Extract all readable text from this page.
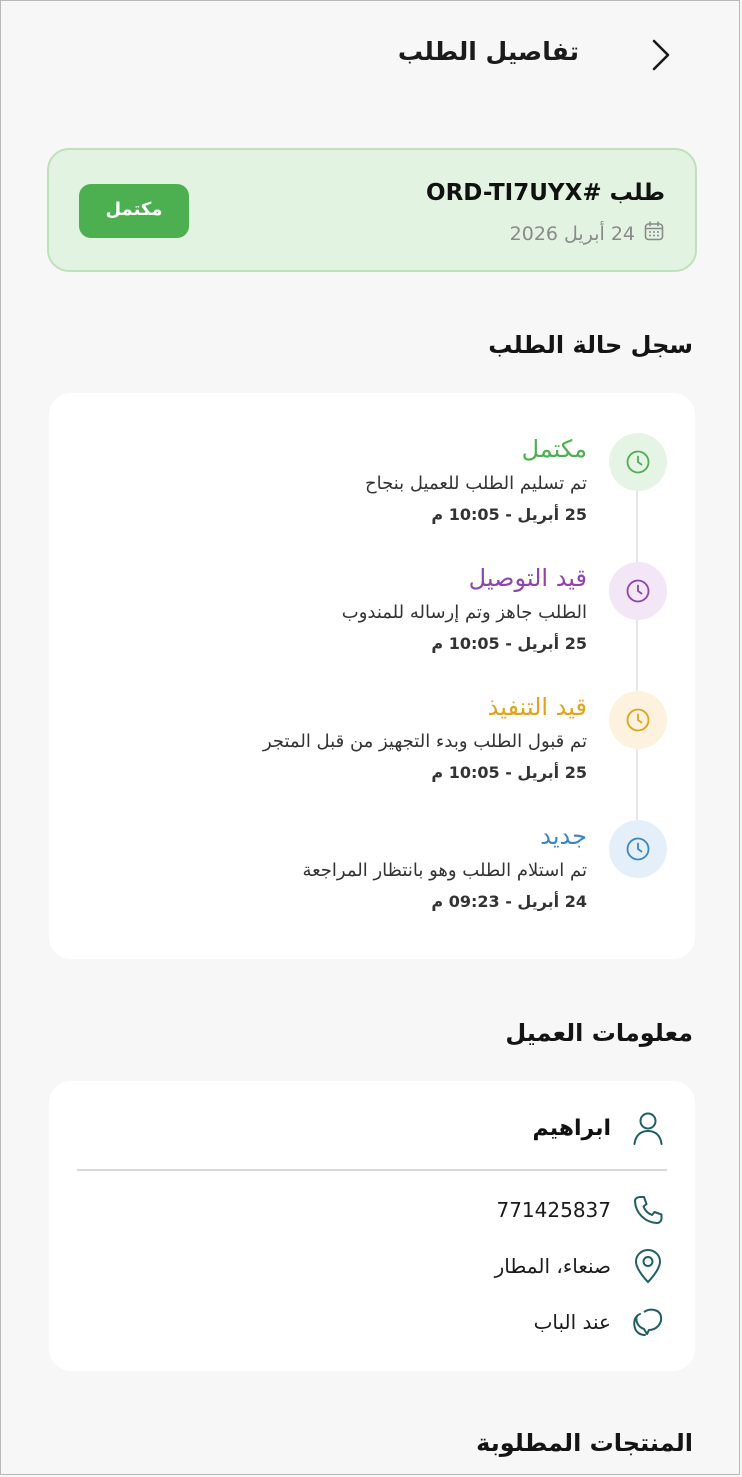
تفاصيل الطلب
طلب #ORD-TI7UYX
24 أبريل 2026
مكتمل
سجل حالة الطلب
مكتمل
تم تسليم الطلب للعميل بنجاح
25 أبريل - 10:05 م
قيد التوصيل
الطلب جاهز وتم إرساله للمندوب
25 أبريل - 10:05 م
قيد التنفيذ
تم قبول الطلب وبدء التجهيز من قبل المتجر
25 أبريل - 10:05 م
جديد
تم استلام الطلب وهو بانتظار المراجعة
24 أبريل - 09:23 م
معلومات العميل
ابراهيم
771425837
صنعاء، المطار
عند الباب
المنتجات المطلوبة
